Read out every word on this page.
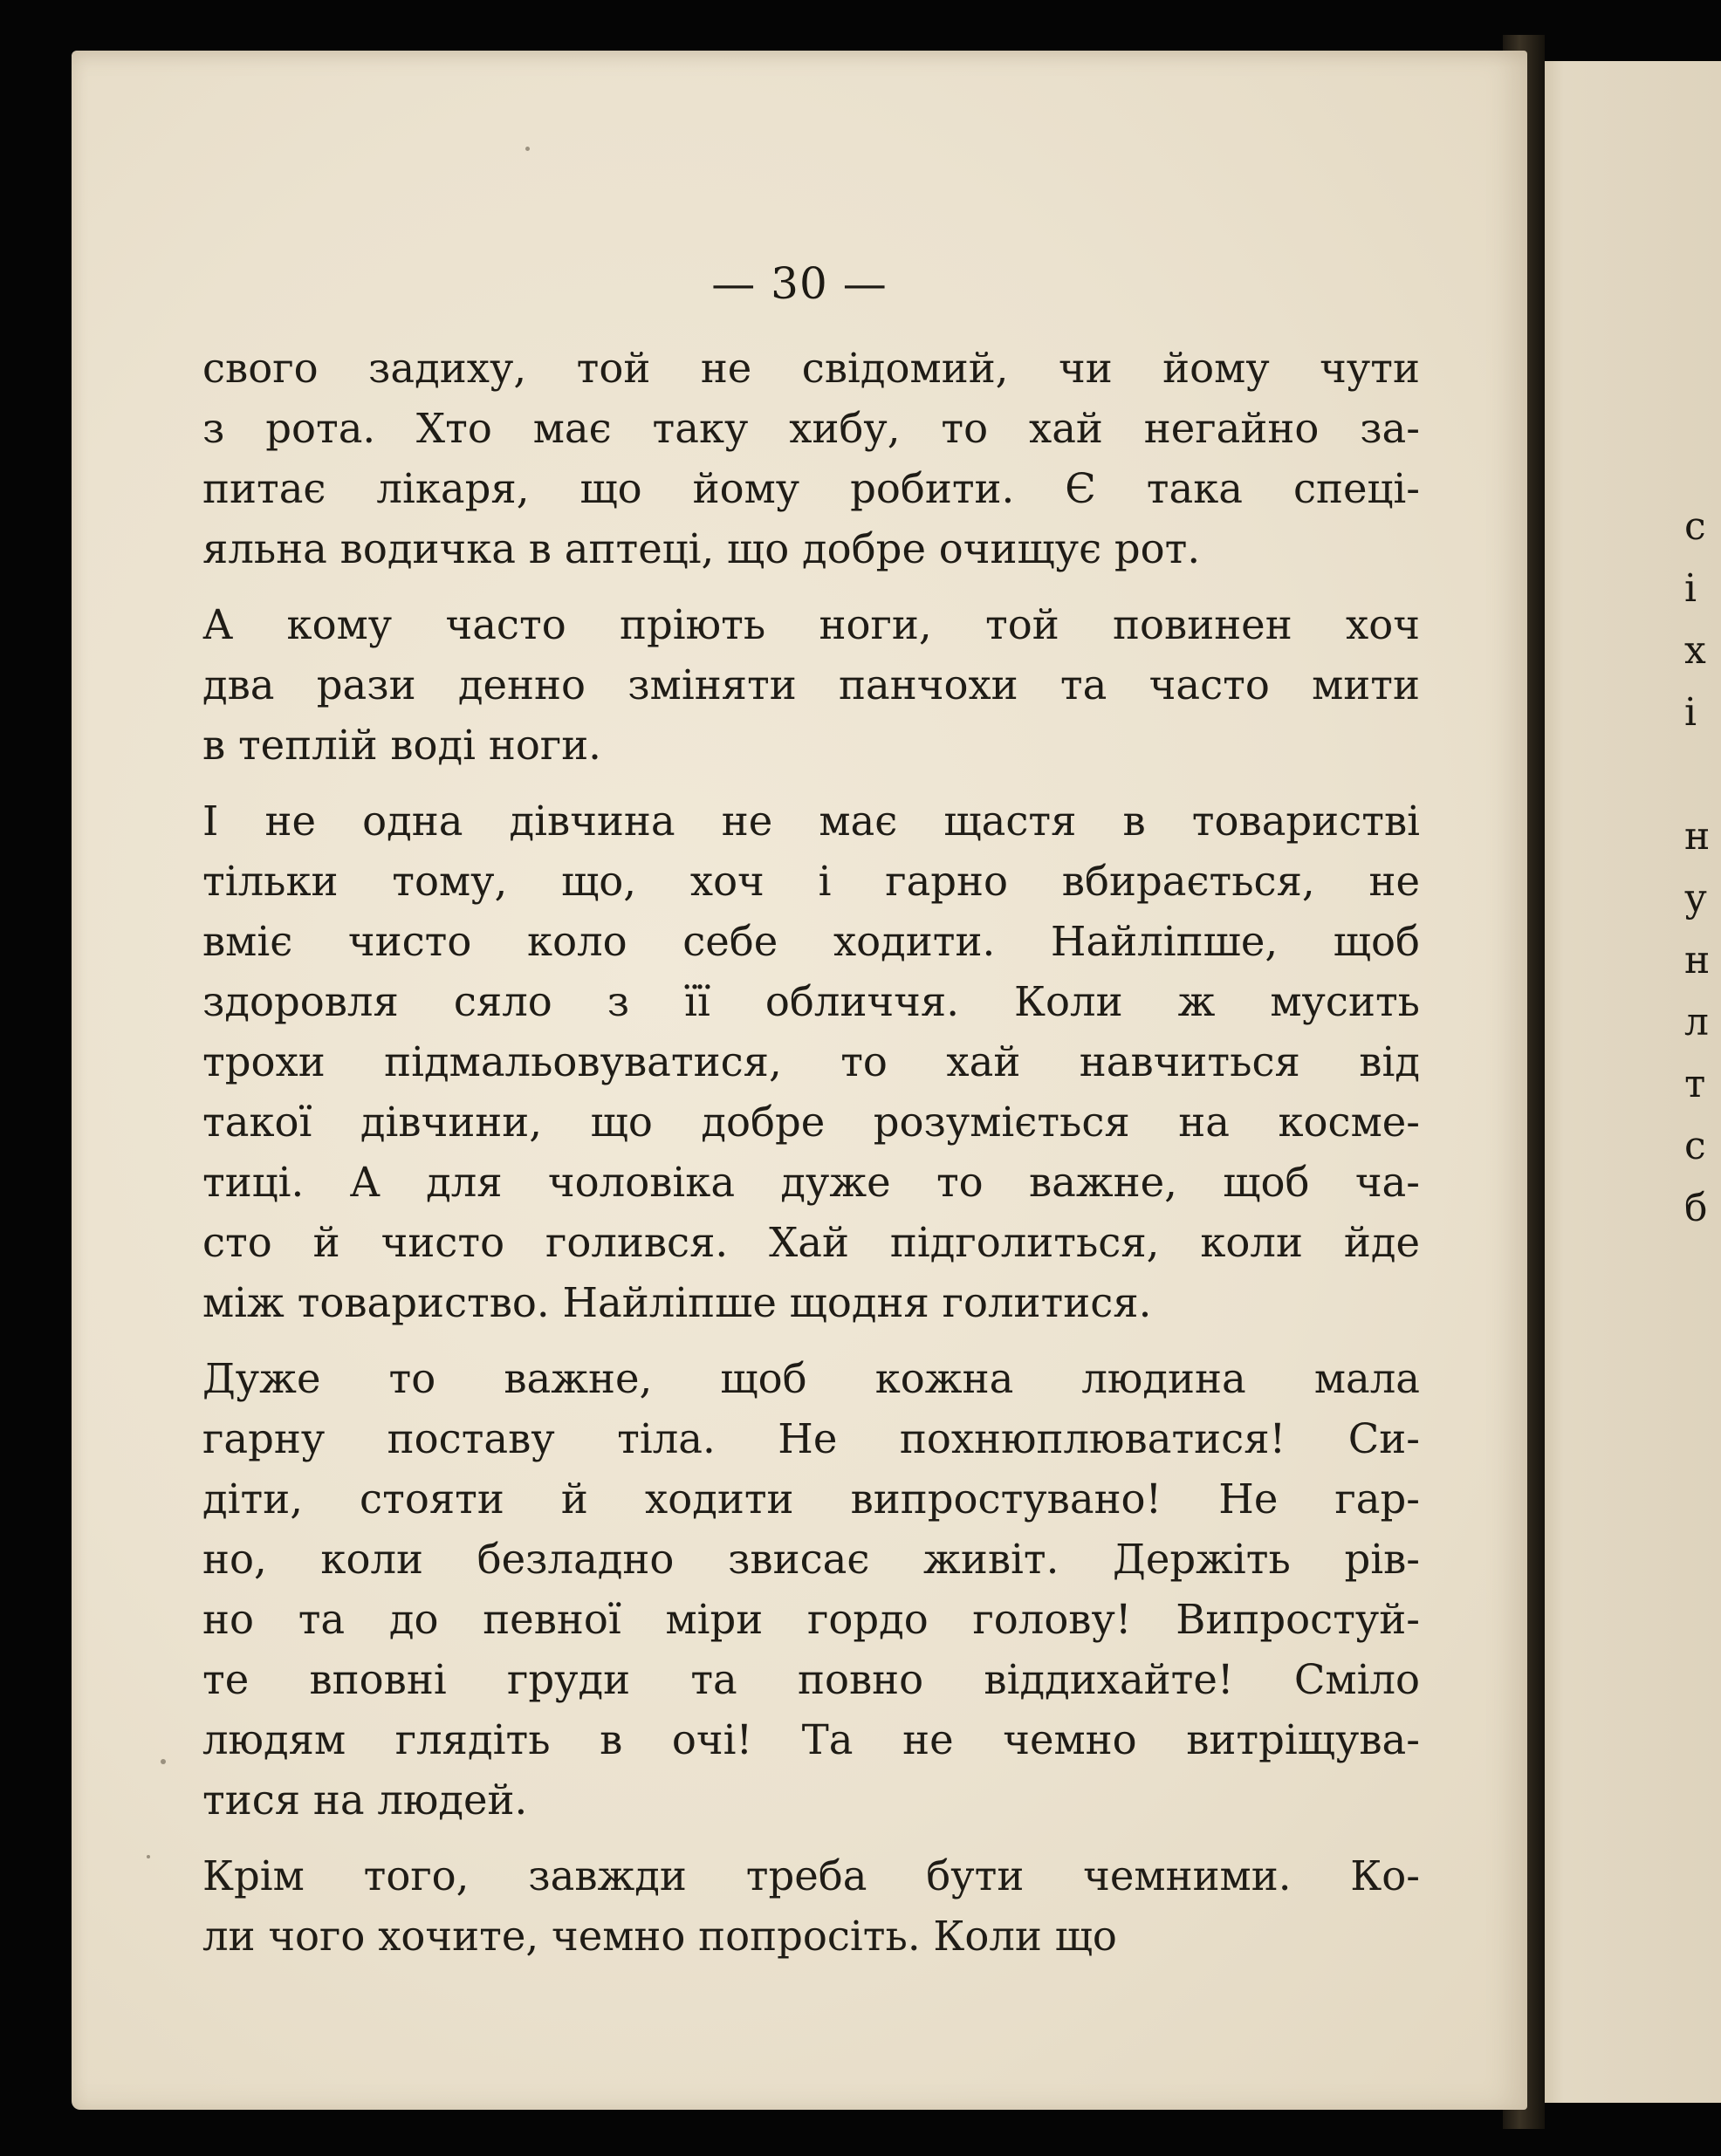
с
і
х
і
н
у
н
л
т
с
б
— 30 —
свого задиху, той не свідомий, чи йому чути
з рота. Хто має таку хибу, то хай негайно за-
питає лікаря, що йому робити. Є така спеці-
яльна водичка в аптеці, що добре очищує рот.
А кому часто пріють ноги, той повинен хоч
два рази денно зміняти панчохи та часто мити
в теплій воді ноги.
І не одна дівчина не має щастя в товаристві
тільки тому, що, хоч і гарно вбирається, не
вміє чисто коло себе ходити. Найліпше, щоб
здоровля сяло з її обличчя. Коли ж мусить
трохи підмальовуватися, то хай навчиться від
такої дівчини, що добре розуміється на косме-
тиці. А для чоловіка дуже то важне, щоб ча-
сто й чисто голився. Хай підголиться, коли йде
між товариство. Найліпше щодня голитися.
Дуже то важне, щоб кожна людина мала
гарну поставу тіла. Не похнюплюватися! Си-
діти, стояти й ходити випростувано! Не гар-
но, коли безладно звисає живіт. Держіть рів-
но та до певної міри гордо голову! Випростуй-
те вповні груди та повно віддихайте! Сміло
людям глядіть в очі! Та не чемно витріщува-
тися на людей.
Крім того, завжди треба бути чемними. Ко-
ли чого хочите, чемно попросіть. Коли що
